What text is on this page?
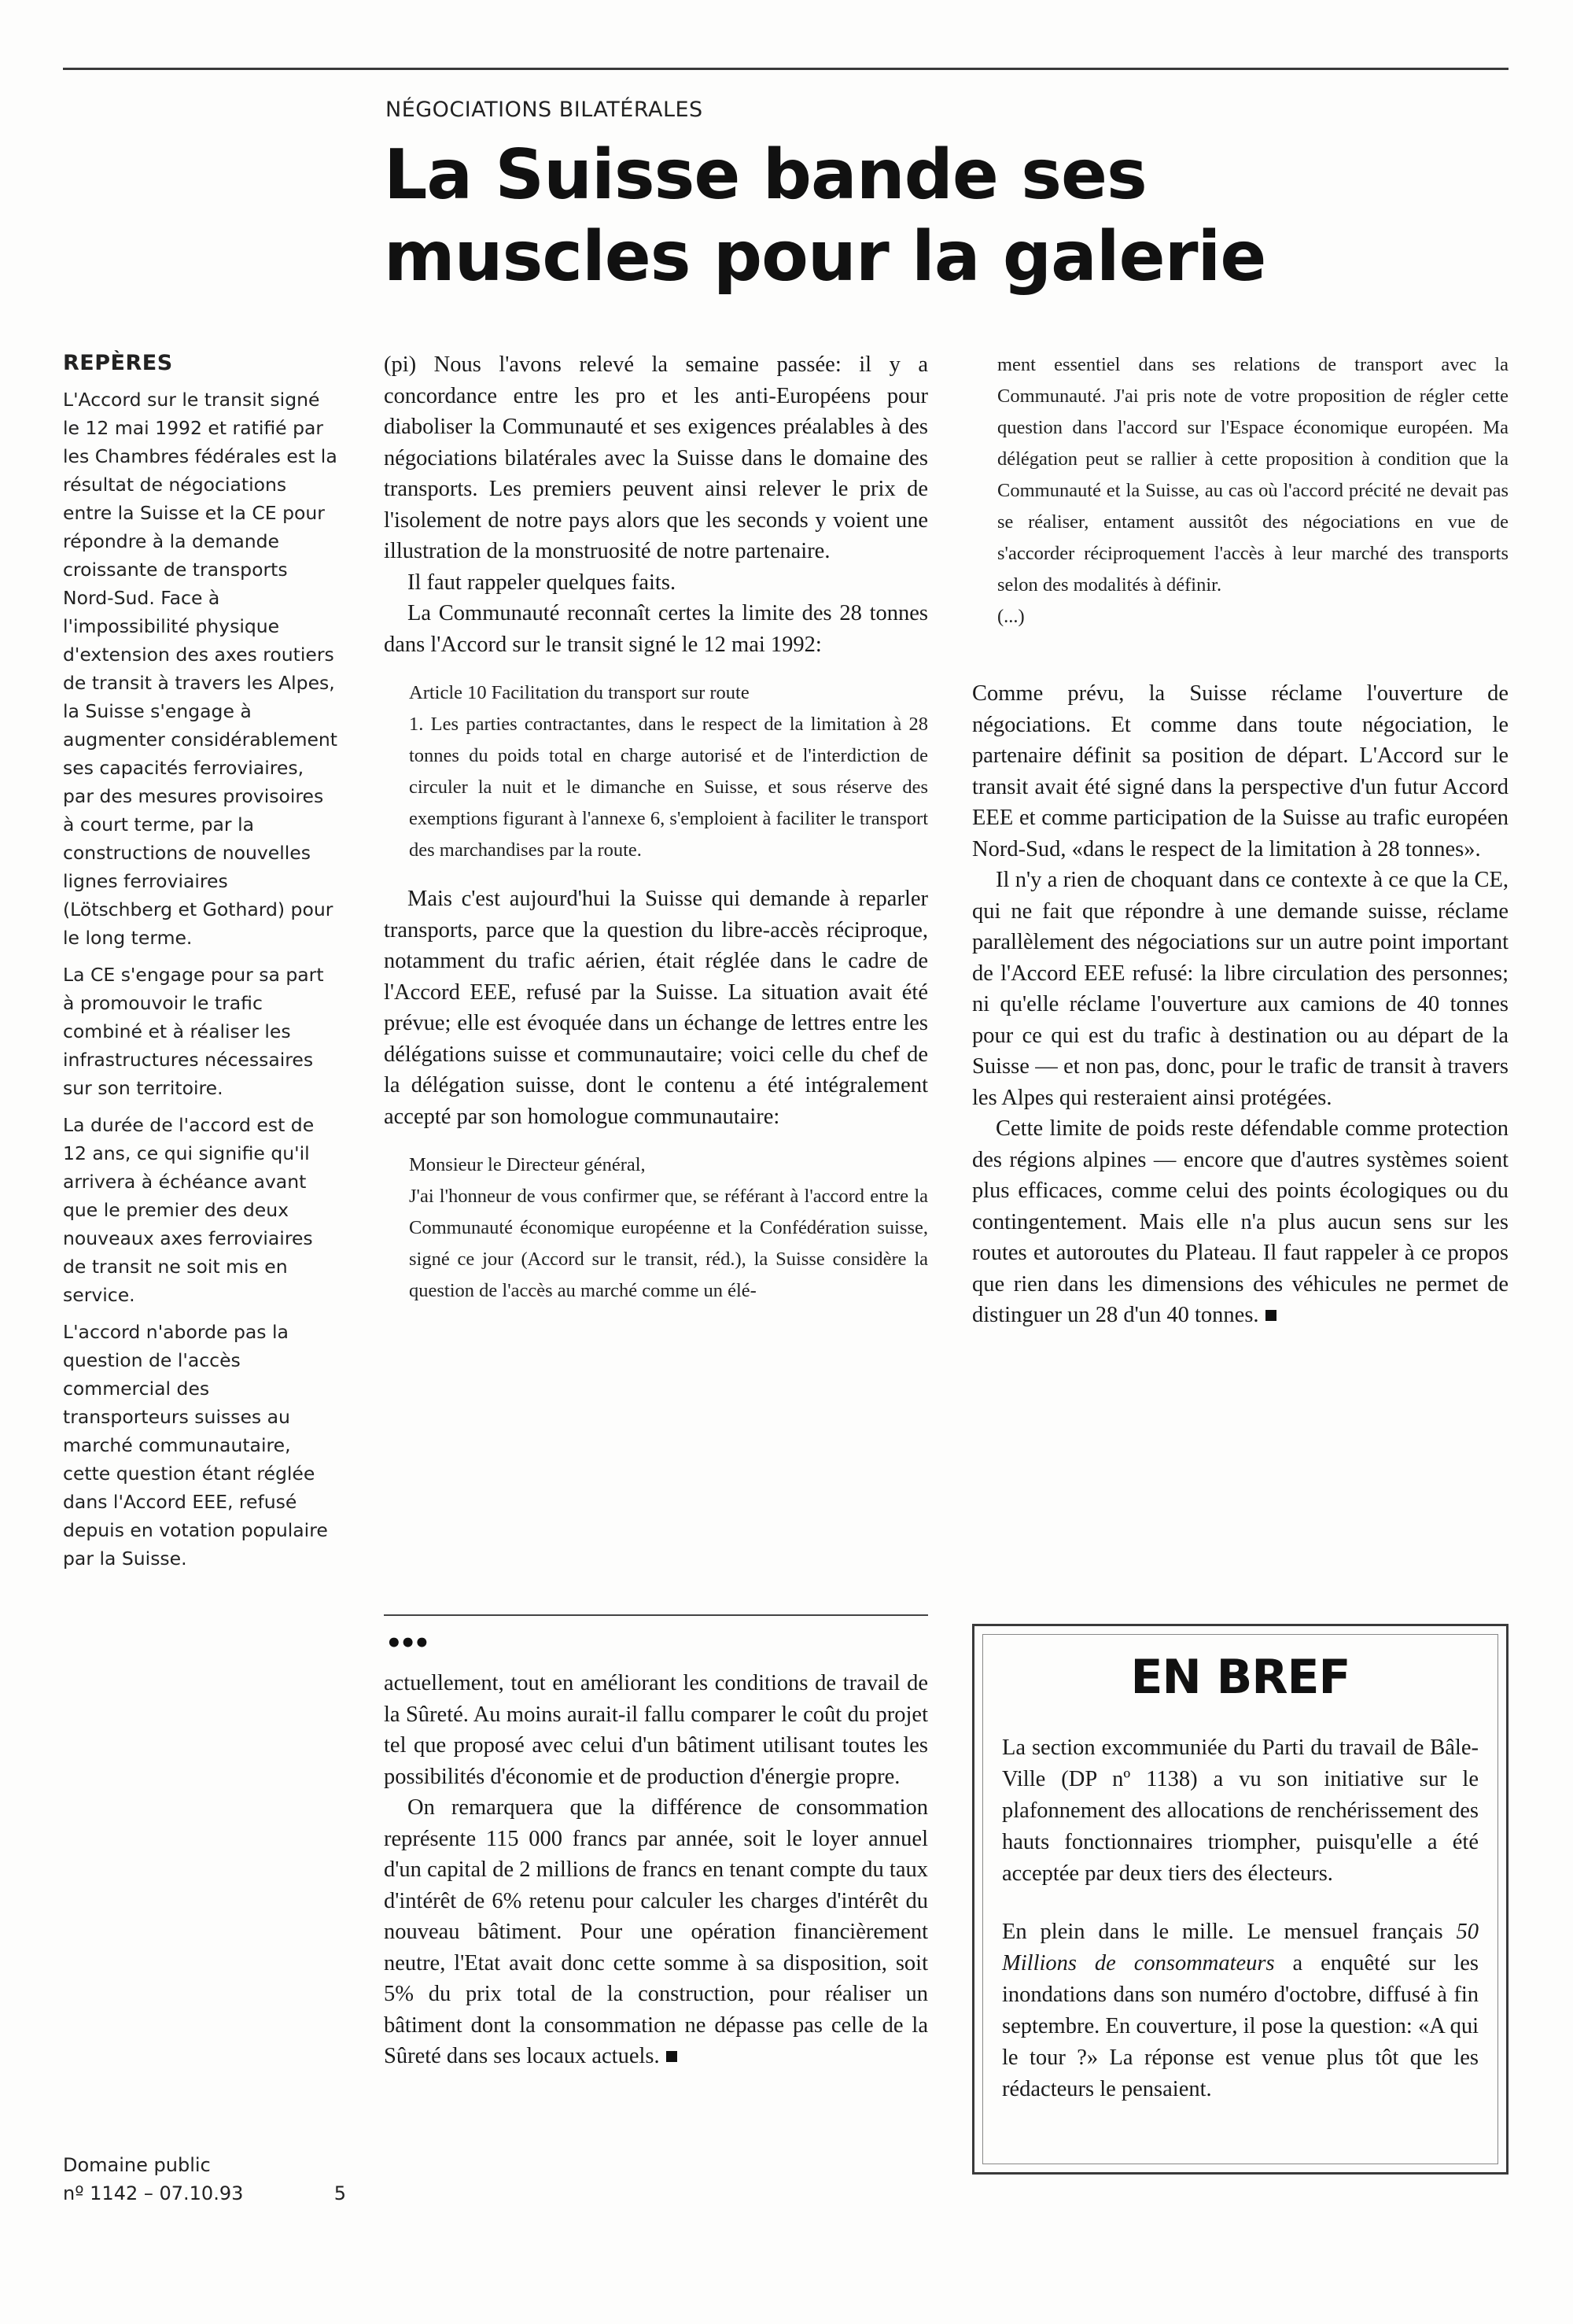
NÉGOCIATIONS BILATÉRALES
La Suisse bande ses muscles pour la galerie
REPÈRES

L'Accord sur le transit signé le 12 mai 1992 et ratifié par les Chambres fédérales est la résultat de négociations entre la Suisse et la CE pour répondre à la demande croissante de transports Nord-Sud. Face à l'impossibilité physique d'extension des axes routiers de transit à travers les Alpes, la Suisse s'engage à augmenter considérablement ses capacités ferroviaires, par des mesures provisoires à court terme, par la constructions de nouvelles lignes ferroviaires (Lötschberg et Gothard) pour le long terme.

La CE s'engage pour sa part à promouvoir le trafic combiné et à réaliser les infrastructures nécessaires sur son territoire.

La durée de l'accord est de 12 ans, ce qui signifie qu'il arrivera à échéance avant que le premier des deux nouveaux axes ferroviaires de transit ne soit mis en service.

L'accord n'aborde pas la question de l'accès commercial des transporteurs suisses au marché communautaire, cette question étant réglée dans l'Accord EEE, refusé depuis en votation populaire par la Suisse.

(pi) Nous l'avons relevé la semaine passée: il y a concordance entre les pro et les anti-Européens pour diaboliser la Communauté et ses exigences préalables à des négociations bilatérales avec la Suisse dans le domaine des transports. Les premiers peuvent ainsi relever le prix de l'isolement de notre pays alors que les seconds y voient une illustration de la monstruosité de notre partenaire.

Il faut rappeler quelques faits.

La Communauté reconnaît certes la limite des 28 tonnes dans l'Accord sur le transit signé le 12 mai 1992:

Article 10 Facilitation du transport sur route
1. Les parties contractantes, dans le respect de la limitation à 28 tonnes du poids total en charge autorisé et de l'interdiction de circuler la nuit et le dimanche en Suisse, et sous réserve des exemptions figurant à l'annexe 6, s'emploient à faciliter le transport des marchandises par la route.

Mais c'est aujourd'hui la Suisse qui demande à reparler transports, parce que la question du libre-accès réciproque, notamment du trafic aérien, était réglée dans le cadre de l'Accord EEE, refusé par la Suisse. La situation avait été prévue; elle est évoquée dans un échange de lettres entre les délégations suisse et communautaire; voici celle du chef de la délégation suisse, dont le contenu a été intégralement accepté par son homologue communautaire:

Monsieur le Directeur général,
J'ai l'honneur de vous confirmer que, se référant à l'accord entre la Communauté économique européenne et la Confédération suisse, signé ce jour (Accord sur le transit, réd.), la Suisse considère la question de l'accès au marché comme un élé-

ment essentiel dans ses relations de transport avec la Communauté. J'ai pris note de votre proposition de régler cette question dans l'accord sur l'Espace économique européen. Ma délégation peut se rallier à cette proposition à condition que la Communauté et la Suisse, au cas où l'accord précité ne devait pas se réaliser, entament aussitôt des négociations en vue de s'accorder réciproquement l'accès à leur marché des transports selon des modalités à définir.
(...)

Comme prévu, la Suisse réclame l'ouverture de négociations. Et comme dans toute négociation, le partenaire définit sa position de départ. L'Accord sur le transit avait été signé dans la perspective d'un futur Accord EEE et comme participation de la Suisse au trafic européen Nord-Sud, «dans le respect de la limitation à 28 tonnes».

Il n'y a rien de choquant dans ce contexte à ce que la CE, qui ne fait que répondre à une demande suisse, réclame parallèlement des négociations sur un autre point important de l'Accord EEE refusé: la libre circulation des personnes; ni qu'elle réclame l'ouverture aux camions de 40 tonnes pour ce qui est du trafic à destination ou au départ de la Suisse — et non pas, donc, pour le trafic de transit à travers les Alpes qui resteraient ainsi protégées.

Cette limite de poids reste défendable comme protection des régions alpines — encore que d'autres systèmes soient plus efficaces, comme celui des points écologiques ou du contingentement. Mais elle n'a plus aucun sens sur les routes et autoroutes du Plateau. Il faut rappeler à ce propos que rien dans les dimensions des véhicules ne permet de distinguer un 28 d'un 40 tonnes.

•••

actuellement, tout en améliorant les conditions de travail de la Sûreté. Au moins aurait-il fallu comparer le coût du projet tel que proposé avec celui d'un bâtiment utilisant toutes les possibilités d'économie et de production d'énergie propre.

On remarquera que la différence de consommation représente 115 000 francs par année, soit le loyer annuel d'un capital de 2 millions de francs en tenant compte du taux d'intérêt de 6% retenu pour calculer les charges d'intérêt du nouveau bâtiment. Pour une opération financièrement neutre, l'Etat avait donc cette somme à sa disposition, soit 5% du prix total de la construction, pour réaliser un bâtiment dont la consommation ne dépasse pas celle de la Sûreté dans ses locaux actuels.

EN BREF

La section excommuniée du Parti du travail de Bâle-Ville (DP nº 1138) a vu son initiative sur le plafonnement des allocations de renchérissement des hauts fonctionnaires triompher, puisqu'elle a été acceptée par deux tiers des électeurs.

En plein dans le mille. Le mensuel français 50 Millions de consommateurs a enquêté sur les inondations dans son numéro d'octobre, diffusé à fin septembre. En couverture, il pose la question: «A qui le tour ?» La réponse est venue plus tôt que les rédacteurs le pensaient.

Domaine public
nº 1142 – 07.10.93	5
